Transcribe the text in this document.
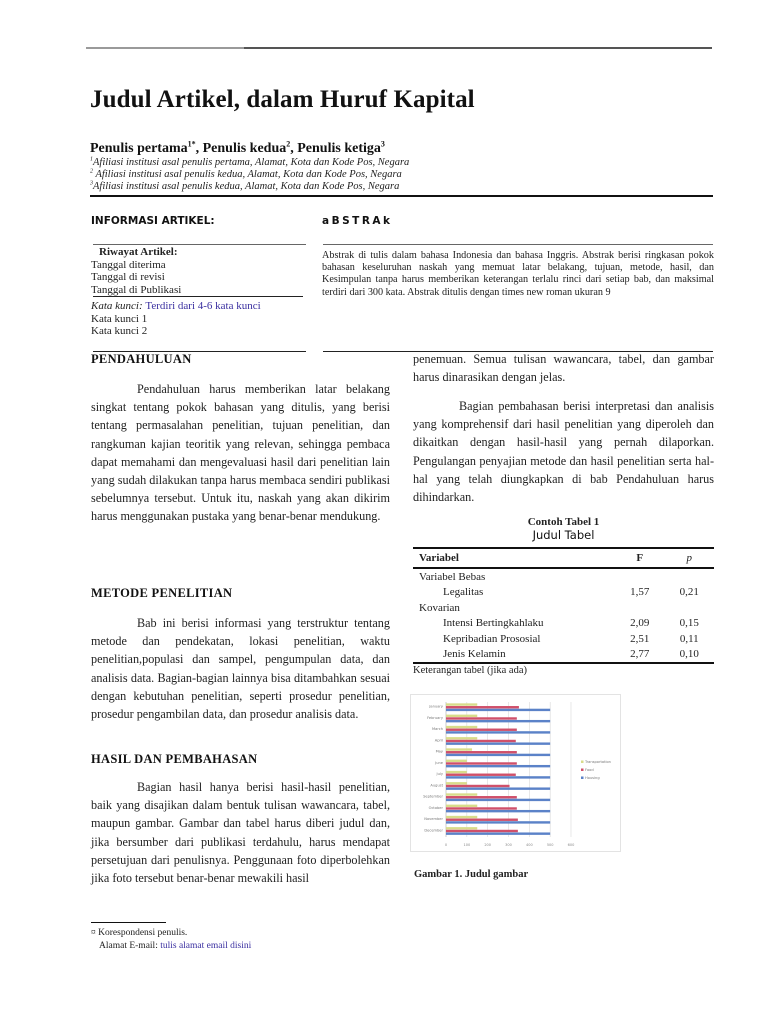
Judul Artikel, dalam Huruf Kapital
Penulis pertama$^{1*}$, Penulis kedua$^2$, Penulis ketiga$^3$
$^1$Afiliasi institusi asal penulis pertama, Alamat, Kota dan Kode Pos, Negara
$^2$ Afiliasi institusi asal penulis kedua, Alamat, Kota dan Kode Pos, Negara
$^3$Afiliasi institusi asal penulis kedua, Alamat, Kota dan Kode Pos, Negara
INFORMASI ARTIKEL:	aBSTRAk
Riwayat Artikel:
Tanggal diterima
Tanggal di revisi
Tanggal di Publikasi
Kata kunci: Terdiri dari 4-6 kata kunci
Kata kunci 1
Kata kunci 2
Abstrak di tulis dalam bahasa Indonesia dan bahasa Inggris. Abstrak berisi ringkasan pokok bahasan keseluruhan naskah yang memuat latar belakang, tujuan, metode, hasil, dan Kesimpulan tanpa harus memberikan keterangan terlalu rinci dari setiap bab, dan maksimal terdiri dari 300 kata. Abstrak ditulis dengan times new roman ukuran 9
PENDAHULUAN
Pendahuluan harus memberikan latar belakang singkat tentang pokok bahasan yang ditulis, yang berisi tentang permasalahan penelitian, tujuan penelitian, dan rangkuman kajian teoritik yang relevan, sehingga pembaca dapat memahami dan mengevaluasi hasil dari penelitian lain yang sudah dilakukan tanpa harus membaca sendiri publikasi sebelumnya tersebut. Untuk itu, naskah yang akan dikirim harus menggunakan pustaka yang benar-benar mendukung.
METODE PENELITIAN
Bab ini berisi informasi yang terstruktur tentang metode dan pendekatan, lokasi penelitian, waktu penelitian,populasi dan sampel, pengumpulan data, dan analisis data. Bagian-bagian lainnya bisa ditambahkan sesuai dengan kebutuhan penelitian, seperti prosedur penelitian, prosedur pengambilan data, dan prosedur analisis data.
HASIL DAN PEMBAHASAN
Bagian hasil hanya berisi hasil-hasil penelitian, baik yang disajikan dalam bentuk tulisan wawancara, tabel, maupun gambar. Gambar dan tabel harus diberi judul dan, jika bersumber dari publikasi terdahulu, harus mendapat persetujuan dari penulisnya. Penggunaan foto diperbolehkan jika foto tersebut benar-benar mewakili hasil
¤ Korespondensi penulis.
Alamat E-mail: tulis alamat email disini
penemuan. Semua tulisan wawancara, tabel, dan gambar harus dinarasikan dengan jelas.
Bagian pembahasan berisi interpretasi dan analisis yang komprehensif dari hasil penelitian yang diperoleh dan dikaitkan dengan hasil-hasil yang pernah dilaporkan. Pengulangan penyajian metode dan hasil penelitian serta hal-hal yang telah diungkapkan di bab Pendahuluan harus dihindarkan.
Contoh Tabel 1
Judul Tabel
Variabel	F	p
Variabel Bebas		
Legalitas	1,57	0,21
Kovarian		
Intensi Bertingkahlaku	2,09	0,15
Kepribadian Prososial	2,51	0,11
Jenis Kelamin	2,77	0,10
Keterangan tabel (jika ada)
0	100	200	300	400	500	600
January
February
March
April
May
June
July
August
September
October
November
December
Transportation
Food
Housing
Gambar 1. Judul gambar
